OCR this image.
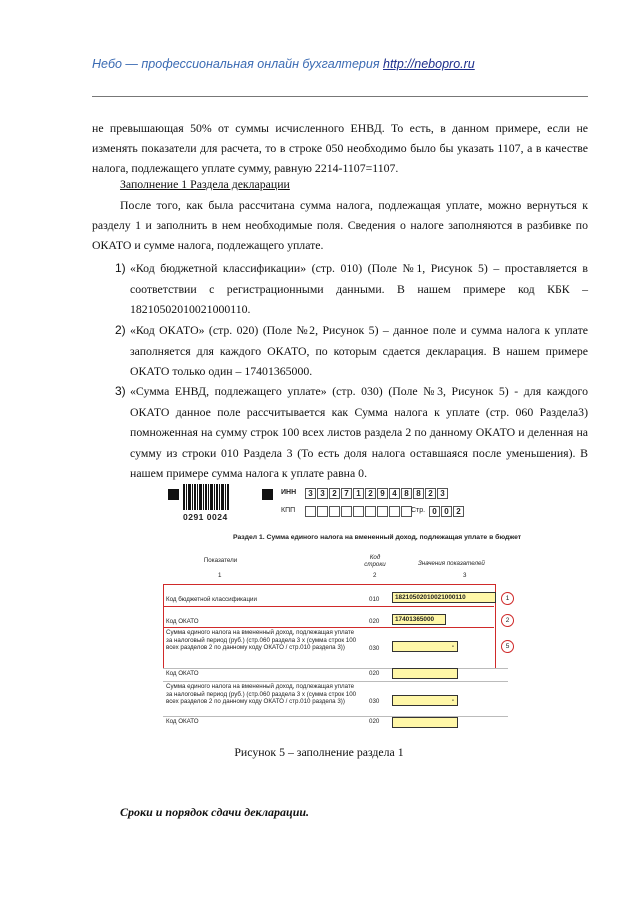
Небо — профессиональная онлайн бухгалтерия http://nebopro.ru
не превышающая 50% от суммы исчисленного ЕНВД. То есть, в данном примере, если не изменять показатели для расчета, то в строке 050 необходимо было бы указать 1107, а в качестве налога, подлежащего уплате сумму, равную 2214-1107=1107.
Заполнение 1 Раздела декларации
После того, как была рассчитана сумма налога, подлежащая уплате, можно вернуться к разделу 1 и заполнить в нем необходимые поля. Сведения о налоге заполняются в разбивке по ОКАТО и сумме налога, подлежащего уплате.
1) «Код бюджетной классификации» (стр. 010) (Поле №1, Рисунок 5) – проставляется в соответствии с регистрационными данными. В нашем примере код КБК – 18210502010021000110.
2) «Код ОКАТО» (стр. 020) (Поле №2, Рисунок 5) – данное поле и сумма налога к уплате заполняется для каждого ОКАТО, по которым сдается декларация. В нашем примере ОКАТО только один – 17401365000.
3) «Сумма ЕНВД, подлежащего уплате» (стр. 030) (Поле №3, Рисунок 5) - для каждого ОКАТО данное поле рассчитывается как Сумма налога к уплате (стр. 060 Раздела3) помноженная на сумму строк 100 всех листов раздела 2 по данному ОКАТО и деленная на сумму из строки 010 Раздела 3 (То есть доля налога оставшаяся после уменьшения). В нашем примере сумма налога к уплате равна 0.
0291 0024
ИНН	3 3 2 7 1 2 9 4 8 8 2 3
КПП	Стр. 0 0 2
Раздел 1. Сумма единого налога на вмененный доход, подлежащая уплате в бюджет
Показатели	Код строки	Значения показателей
1	2	3
Код бюджетной классификации	010	18210502010021000110	1
Код ОКАТО	020	17401365000	2
Сумма единого налога на вмененный доход, подлежащая уплате за налоговый период (руб.) (стр.060 раздела 3 х (сумма строк 100 всех разделов 2 по данному коду ОКАТО / стр.010 раздела 3))	030	-	5
Код ОКАТО	020
Сумма единого налога на вмененный доход, подлежащая уплате за налоговый период (руб.) (стр.060 раздела 3 х (сумма строк 100 всех разделов 2 по данному коду ОКАТО / стр.010 раздела 3))	030	-
Код ОКАТО	020
Рисунок 5 – заполнение раздела 1
Сроки и порядок сдачи декларации.
